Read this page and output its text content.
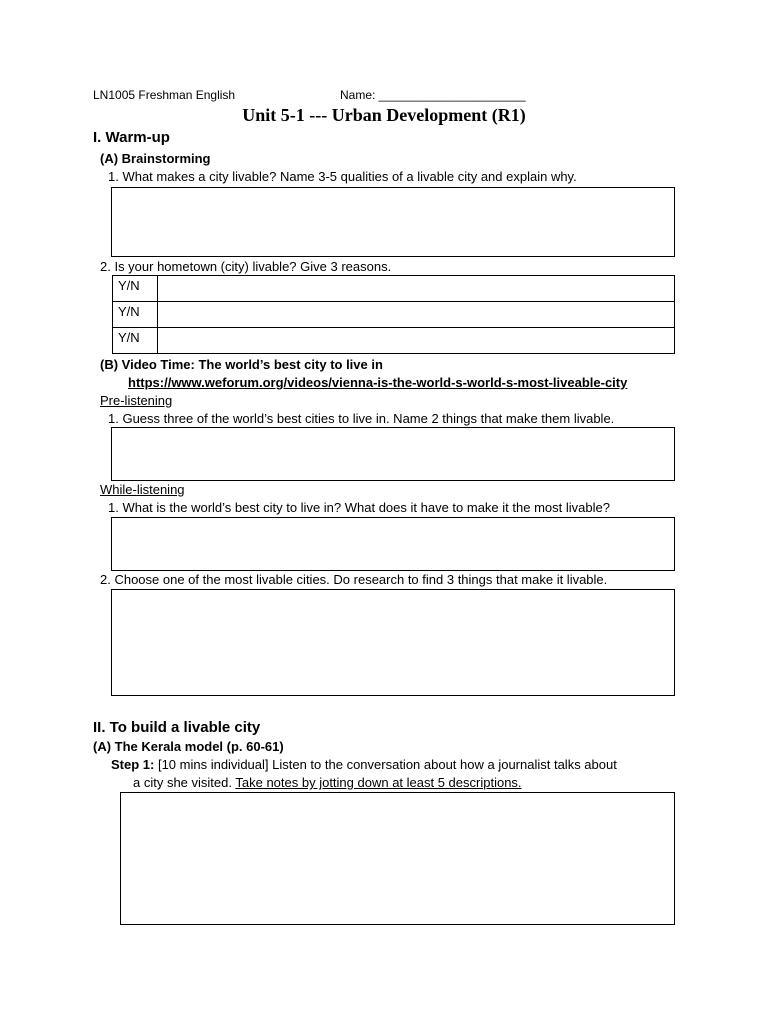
LN1005 Freshman English	Name: ______________________
Unit 5-1 --- Urban Development (R1)
I. Warm-up
(A) Brainstorming
1. What makes a city livable? Name 3-5 qualities of a livable city and explain why.
2. Is your hometown (city) livable? Give 3 reasons.
Y/N	
Y/N	
Y/N	
(B) Video Time: The world’s best city to live in
https://www.weforum.org/videos/vienna-is-the-world-s-world-s-most-liveable-city
Pre-listening
1. Guess three of the world’s best cities to live in. Name 2 things that make them livable.
While-listening
1. What is the world’s best city to live in? What does it have to make it the most livable?
2. Choose one of the most livable cities. Do research to find 3 things that make it livable.
II. To build a livable city
(A) The Kerala model (p. 60-61)
Step 1: [10 mins individual] Listen to the conversation about how a journalist talks about
a city she visited. Take notes by jotting down at least 5 descriptions.
